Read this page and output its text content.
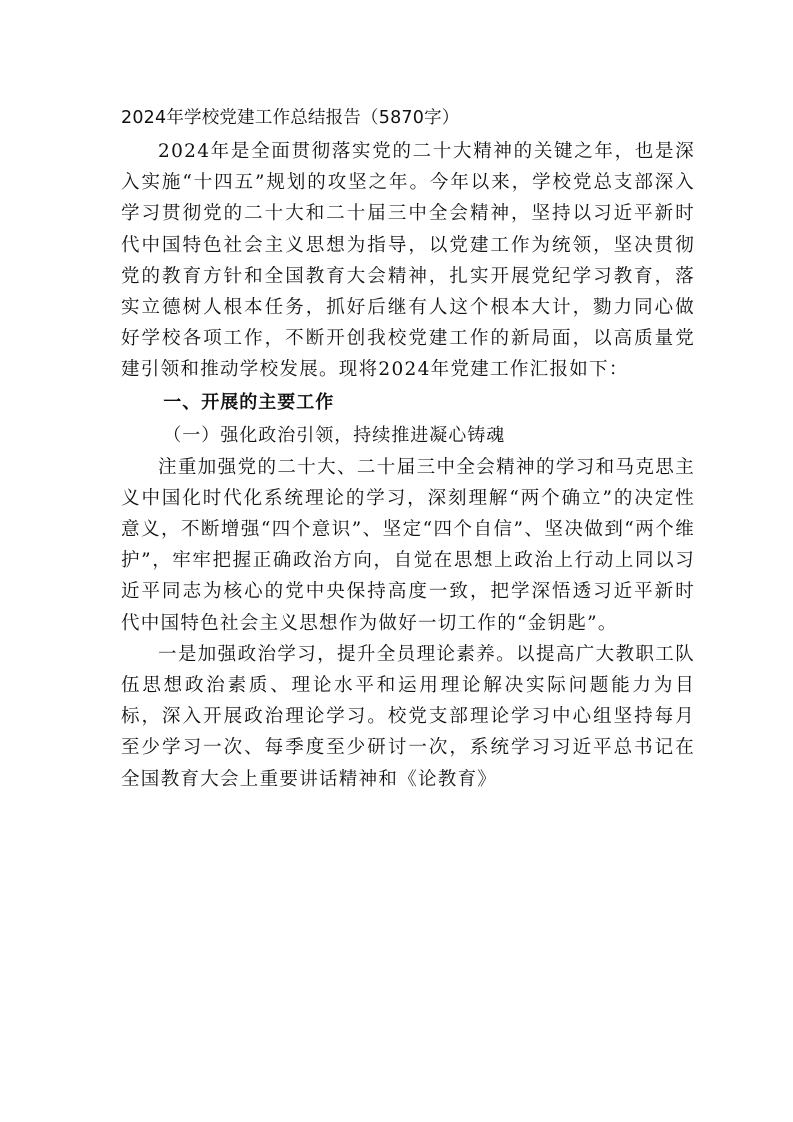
2024年学校党建工作总结报告（5870字）

2024年是全面贯彻落实党的二十大精神的关键之年，也是深入实施“十四五”规划的攻坚之年。今年以来，学校党总支部深入学习贯彻党的二十大和二十届三中全会精神，坚持以习近平新时代中国特色社会主义思想为指导，以党建工作为统领，坚决贯彻党的教育方针和全国教育大会精神，扎实开展党纪学习教育，落实立德树人根本任务，抓好后继有人这个根本大计，勠力同心做好学校各项工作，不断开创我校党建工作的新局面，以高质量党建引领和推动学校发展。现将2024年党建工作汇报如下：

一、开展的主要工作

（一）强化政治引领，持续推进凝心铸魂

注重加强党的二十大、二十届三中全会精神的学习和马克思主义中国化时代化系统理论的学习，深刻理解“两个确立”的决定性意义，不断增强“四个意识”、坚定“四个自信”、坚决做到“两个维护”，牢牢把握正确政治方向，自觉在思想上政治上行动上同以习近平同志为核心的党中央保持高度一致，把学深悟透习近平新时代中国特色社会主义思想作为做好一切工作的“金钥匙”。

一是加强政治学习，提升全员理论素养。以提高广大教职工队伍思想政治素质、理论水平和运用理论解决实际问题能力为目标，深入开展政治理论学习。校党支部理论学习中心组坚持每月至少学习一次、每季度至少研讨一次，系统学习习近平总书记在全国教育大会上重要讲话精神和《论教育》
